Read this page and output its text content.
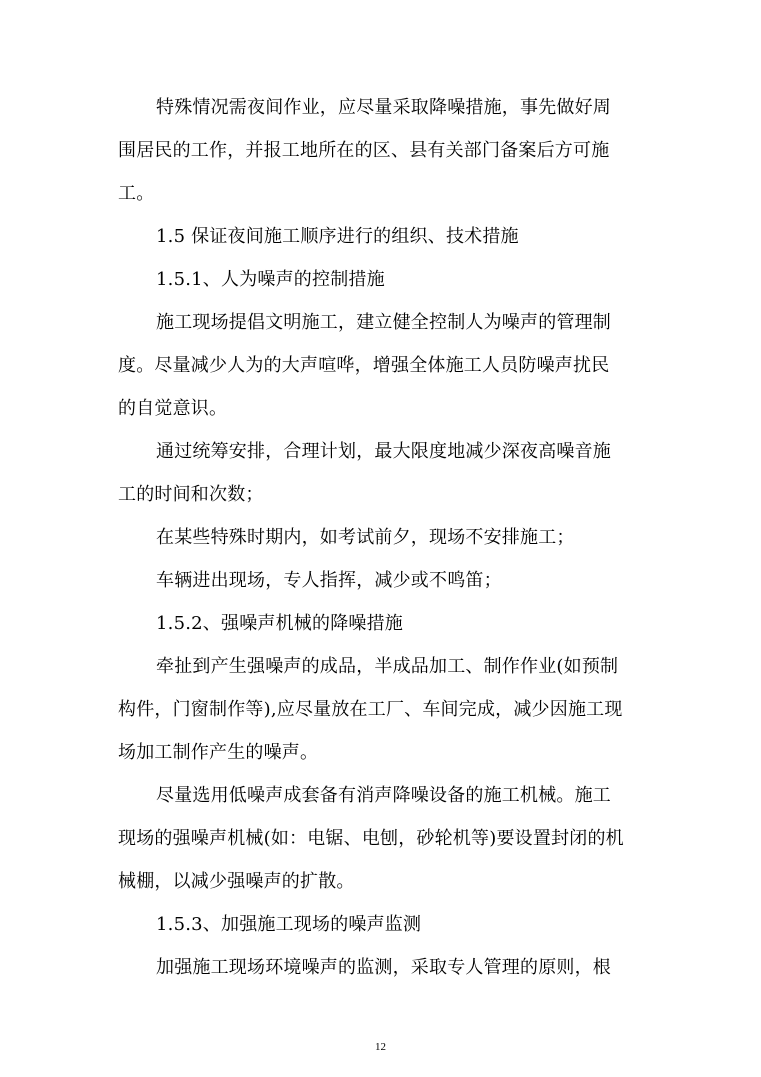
特殊情况需夜间作业，应尽量采取降噪措施，事先做好周
围居民的工作，并报工地所在的区、县有关部门备案后方可施
工。
1.5 保证夜间施工顺序进行的组织、技术措施
1.5.1、人为噪声的控制措施
施工现场提倡文明施工，建立健全控制人为噪声的管理制
度。尽量减少人为的大声喧哗，增强全体施工人员防噪声扰民
的自觉意识。
通过统筹安排，合理计划，最大限度地减少深夜高噪音施
工的时间和次数；
在某些特殊时期内，如考试前夕，现场不安排施工；
车辆进出现场，专人指挥，减少或不鸣笛；
1.5.2、强噪声机械的降噪措施
牵扯到产生强噪声的成品，半成品加工、制作作业(如预制
构件，门窗制作等),应尽量放在工厂、车间完成，减少因施工现
场加工制作产生的噪声。
尽量选用低噪声成套备有消声降噪设备的施工机械。施工
现场的强噪声机械(如：电锯、电刨，砂轮机等)要设置封闭的机
械棚，以减少强噪声的扩散。
1.5.3、加强施工现场的噪声监测
加强施工现场环境噪声的监测，采取专人管理的原则，根
12
